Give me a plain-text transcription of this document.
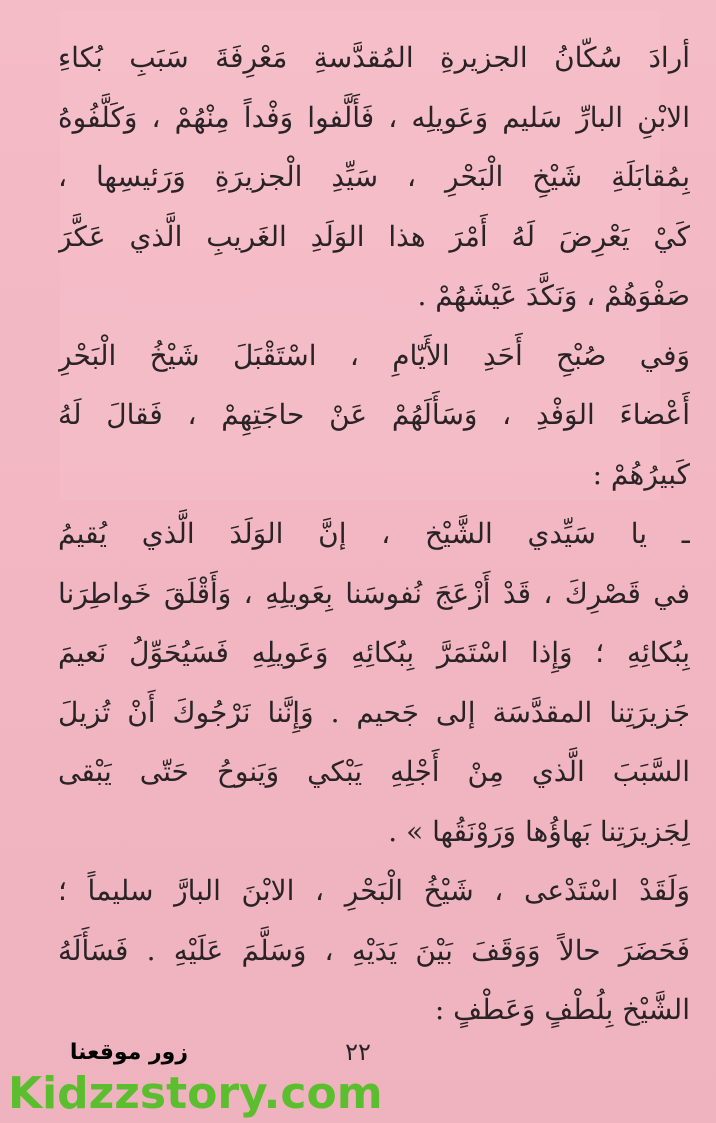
أرادَ سُكّانُ الجزيرةِ المُقدَّسةِ مَعْرِفَةَ سَبَبِ بُكاءِ
الابْنِ البارِّ سَليم وَعَويلِه ، فَأَلَّفوا وَفْداً مِنْهُمْ ، وَكَلَّفُوهُ
بِمُقابَلَةِ شَيْخِ الْبَحْرِ ، سَيِّدِ الْجزيرَةِ وَرَئيسِها ،
كَيْ يَعْرِضَ لَهُ أَمْرَ هذا الوَلَدِ الغَريبِ الَّذي عَكَّرَ
صَفْوَهُمْ ، وَنَكَّدَ عَيْشَهُمْ .

وَفي صُبْحِ أَحَدِ الأَيّامِ ، اسْتَقْبَلَ شَيْخُ الْبَحْرِ
أَعْضاءَ الوَفْدِ ، وَسَأَلَهُمْ عَنْ حاجَتِهِمْ ، فَقالَ لَهُ
كَبيرُهُمْ :

ـ يا سَيِّدي الشَّيْخ ، إنَّ الوَلَدَ الَّذي يُقيمُ
في قَصْرِكَ ، قَدْ أَزْعَجَ نُفوسَنا بِعَويلِهِ ، وَأَقْلَقَ خَواطِرَنا
بِبُكائِهِ ؛ وَإِذا اسْتَمَرَّ بِبُكائِهِ وَعَويلِهِ فَسَيُحَوِّلُ نَعيمَ
جَزيرَتِنا المقدَّسَة إلى جَحيم . وَإِنَّنا نَرْجُوكَ أَنْ تُزيلَ
السَّبَبَ الَّذي مِنْ أَجْلِهِ يَبْكي وَيَنوحُ حَتّى يَبْقى
لِجَزيرَتِنا بَهاؤُها وَرَوْنَقُها » .

وَلَقَدْ اسْتَدْعى ، شَيْخُ الْبَحْرِ ، الابْنَ البارَّ سليماً ؛
فَحَضَرَ حالاً وَوَقَفَ بَيْنَ يَدَيْهِ ، وَسَلَّمَ عَلَيْهِ . فَسَأَلَهُ
الشَّيْخ بِلُطْفٍ وَعَطْفٍ :

٢٢
زور موقعنا
Kidzzstory.com
